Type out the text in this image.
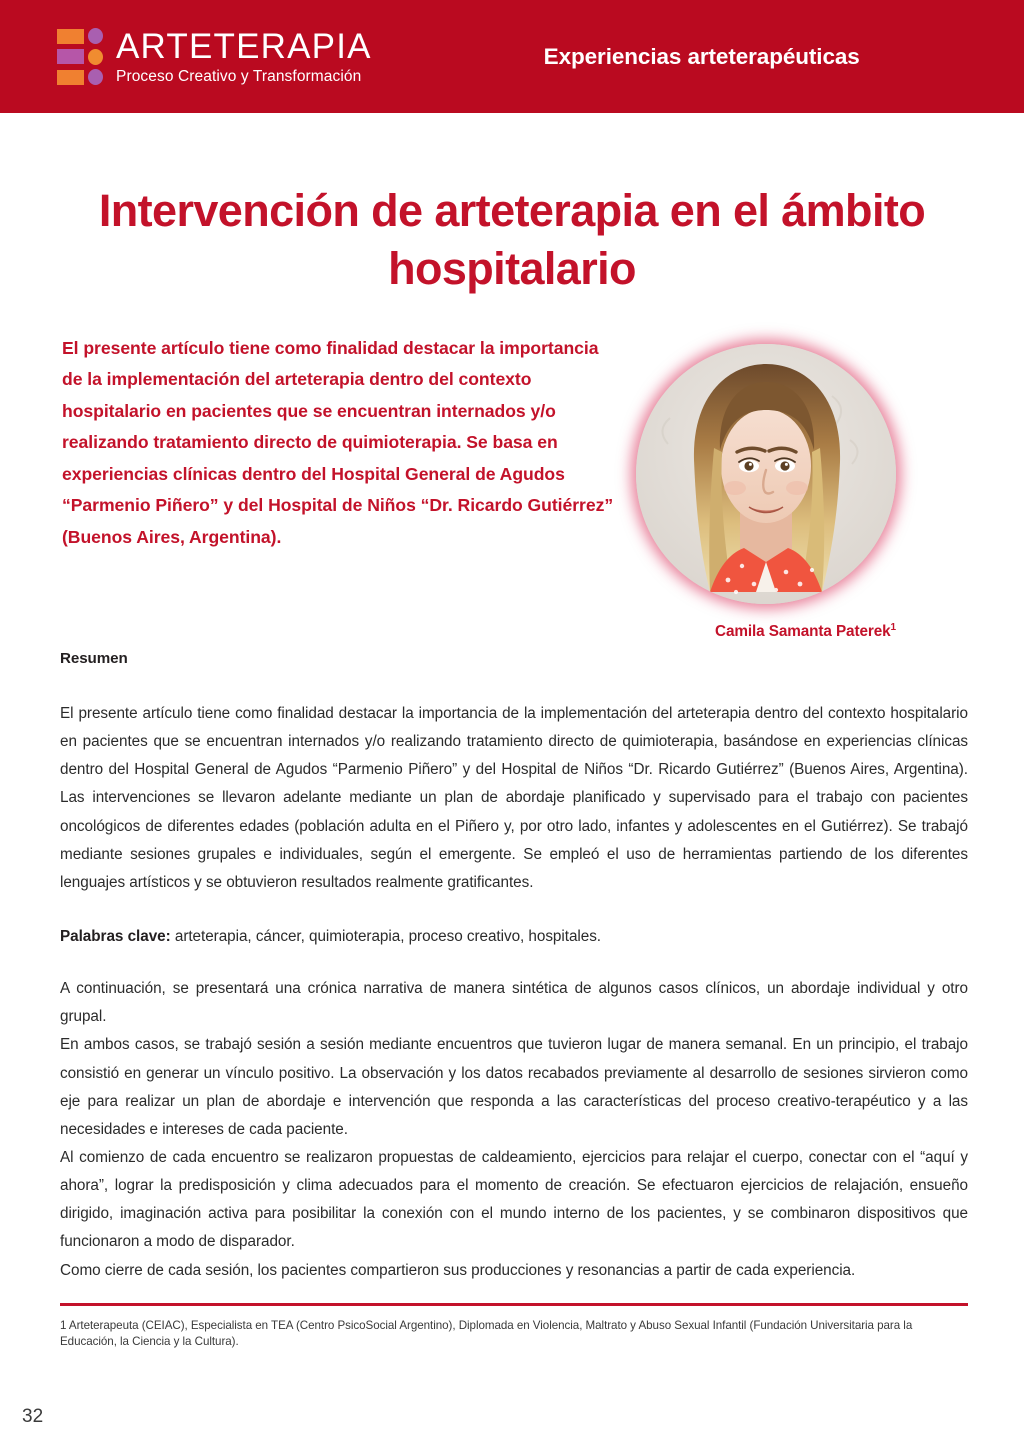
ARTETERAPIA
Proceso Creativo y Transformación
Experiencias arteterapéuticas
Intervención de arteterapia en el ámbito hospitalario
El presente artículo tiene como finalidad destacar la importancia de la implementación del arteterapia dentro del contexto hospitalario en pacientes que se encuentran internados y/o realizando tratamiento directo de quimioterapia. Se basa en experiencias clínicas dentro del Hospital General de Agudos “Parmenio Piñero” y del Hospital de Niños “Dr. Ricardo Gutiérrez” (Buenos Aires, Argentina).
Camila Samanta Paterek$^1$
Resumen

El presente artículo tiene como finalidad destacar la importancia de la implementación del arteterapia dentro del contexto hospitalario en pacientes que se encuentran internados y/o realizando tratamiento directo de quimioterapia, basándose en experiencias clínicas dentro del Hospital General de Agudos “Parmenio Piñero” y del Hospital de Niños “Dr. Ricardo Gutiérrez” (Buenos Aires, Argentina). Las intervenciones se llevaron adelante mediante un plan de abordaje planificado y supervisado para el trabajo con pacientes oncológicos de diferentes edades (población adulta en el Piñero y, por otro lado, infantes y adolescentes en el Gutiérrez). Se trabajó mediante sesiones grupales e individuales, según el emergente. Se empleó el uso de herramientas partiendo de los diferentes lenguajes artísticos y se obtuvieron resultados realmente gratificantes.

Palabras clave: arteterapia, cáncer, quimioterapia, proceso creativo, hospitales.

A continuación, se presentará una crónica narrativa de manera sintética de algunos casos clínicos, un abordaje individual y otro grupal.

En ambos casos, se trabajó sesión a sesión mediante encuentros que tuvieron lugar de manera semanal. En un principio, el trabajo consistió en generar un vínculo positivo. La observación y los datos recabados previamente al desarrollo de sesiones sirvieron como eje para realizar un plan de abordaje e intervención que responda a las características del proceso creativo-terapéutico y a las necesidades e intereses de cada paciente.

Al comienzo de cada encuentro se realizaron propuestas de caldeamiento, ejercicios para relajar el cuerpo, conectar con el “aquí y ahora”, lograr la predisposición y clima adecuados para el momento de creación. Se efectuaron ejercicios de relajación, ensueño dirigido, imaginación activa para posibilitar la conexión con el mundo interno de los pacientes, y se combinaron dispositivos que funcionaron a modo de disparador.

Como cierre de cada sesión, los pacientes compartieron sus producciones y resonancias a partir de cada experiencia.

1 Arteterapeuta (CEIAC), Especialista en TEA (Centro PsicoSocial Argentino), Diplomada en Violencia, Maltrato y Abuso Sexual Infantil (Fundación Universitaria para la Educación, la Ciencia y la Cultura).
32
